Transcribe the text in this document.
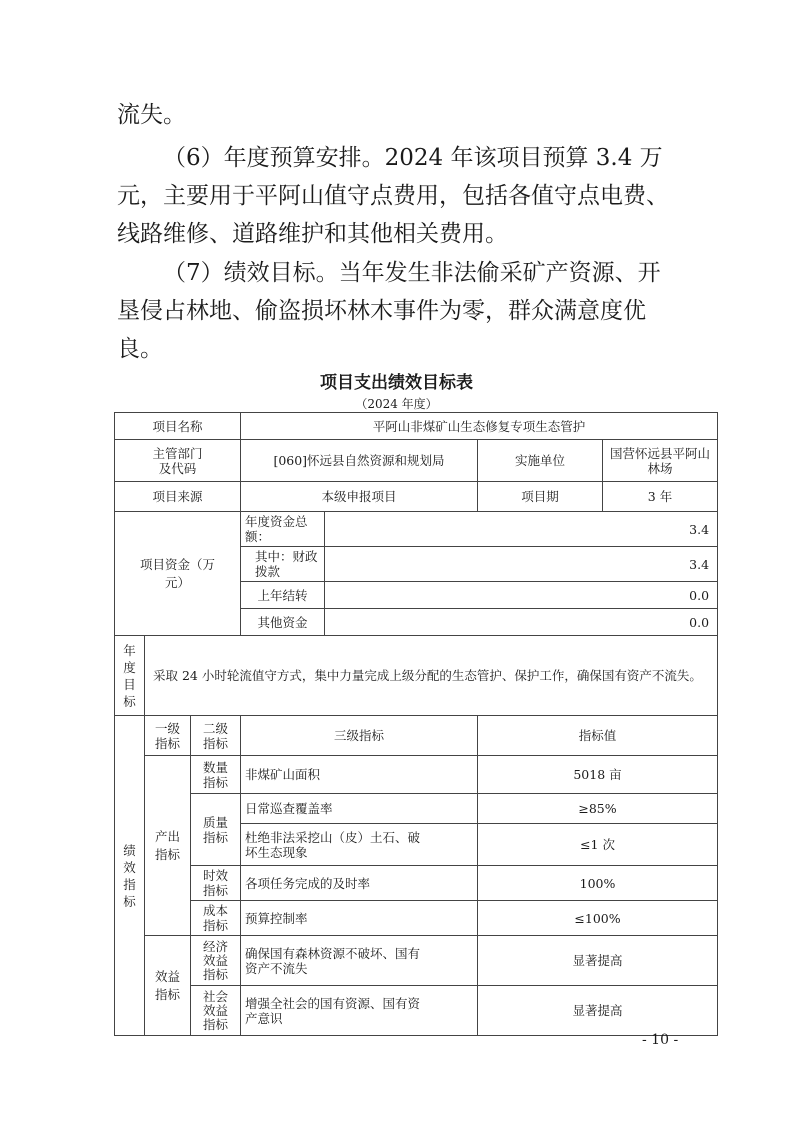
流失。

（6）年度预算安排。2024 年该项目预算 3.4 万元，主要用于平阿山值守点费用，包括各值守点电费、线路维修、道路维护和其他相关费用。

（7）绩效目标。当年发生非法偷采矿产资源、开垦侵占林地、偷盗损坏林木事件为零，群众满意度优良。

项目支出绩效目标表
（2024 年度）
项目名称			平阿山非煤矿山生态修复专项生态管护			
主管部门及代码			[060]怀远县自然资源和规划局		实施单位	国营怀远县平阿山林场
项目来源			本级申报项目		项目期	3 年
项目资金（万元）			年度资金总额：	3.4		
			其中：财政拨款	3.4		
			上年结转	0.0		
			其他资金	0.0		
年度目标	采取 24 小时轮流值守方式，集中力量完成上级分配的生态管护、保护工作，确保国有资产不流失。					
绩效指标	一级指标	二级指标	三级指标		指标值	
	产出指标	数量指标	非煤矿山面积		5018 亩	
		质量指标	日常巡查覆盖率		≥85%	
			杜绝非法采挖山（皮）土石、破坏生态现象		≤1 次	
		时效指标	各项任务完成的及时率		100%	
		成本指标	预算控制率		≤100%	
	效益指标	经济效益指标	确保国有森林资源不破坏、国有资产不流失		显著提高	
		社会效益指标	增强全社会的国有资源、国有资产意识		显著提高	
- 10 -
